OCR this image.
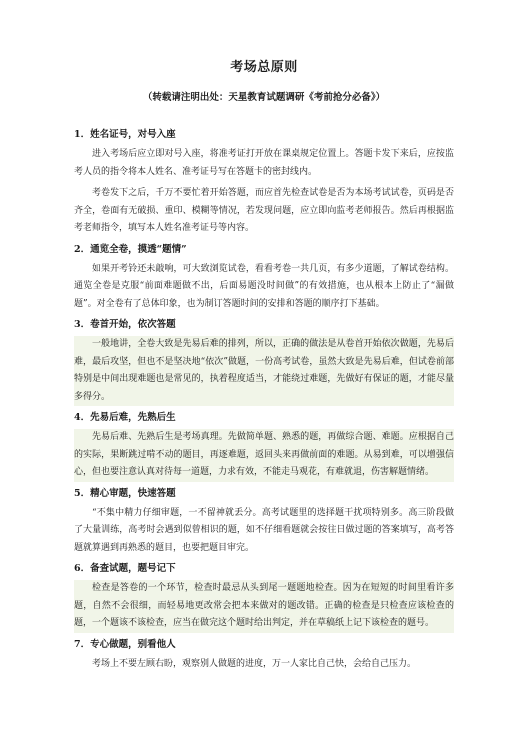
考场总原则
（转载请注明出处：天星教育试题调研《考前抢分必备》）
1．姓名证号，对号入座
进入考场后应立即对号入座，将准考证打开放在课桌规定位置上。答题卡发下来后，应按监考人员的指令将本人姓名、准考证号写在答题卡的密封线内。
考卷发下之后，千万不要忙着开始答题，而应首先检查试卷是否为本场考试试卷，页码是否齐全，卷面有无破损、重印、模糊等情况，若发现问题，应立即向监考老师报告。然后再根据监考老师指令，填写本人姓名准考证号等内容。
2．通览全卷，摸透“题情”
如果开考铃还未敲响，可大致浏览试卷，看看考卷一共几页，有多少道题，了解试卷结构。通览全卷是克服“前面难题做不出，后面易题没时间做”的有效措施，也从根本上防止了“漏做题”。对全卷有了总体印象，也为制订答题时间的安排和答题的顺序打下基础。
3．卷首开始，依次答题
一般地讲，全卷大致是先易后难的排列，所以，正确的做法是从卷首开始依次做题，先易后难，最后攻坚，但也不是坚决地“依次”做题，一份高考试卷，虽然大致是先易后难，但试卷前部特别是中间出现难题也是常见的，执着程度适当，才能绕过难题，先做好有保证的题，才能尽量多得分。
4．先易后难，先熟后生
先易后难、先熟后生是考场真理。先做简单题、熟悉的题，再做综合题、难题。应根据自己的实际，果断跳过啃不动的题目，再逐难题，返回头来再做前面的难题。从易到难，可以增强信心，但也要注意认真对待每一道题，力求有效，不能走马观花，有难就退，伤害解题情绪。
5．精心审题，快速答题
“不集中精力仔细审题，一不留神就丢分。高考试题里的选择题干扰项特别多。高三阶段做了大量训练，高考时会遇到似曾相识的题，如不仔细看题就会按往日做过题的答案填写，高考答题就算遇到再熟悉的题目，也要把题目审完。
6．备查试题，题号记下
检查是答卷的一个环节，检查时最忌从头到尾一题题地检查。因为在短短的时间里看许多题，自然不会很细，而轻易地更改常会把本来做对的题改错。正确的检查是只检查应该检查的题，一个题该不该检查，应当在做完这个题时给出判定，并在草稿纸上记下该检查的题号。
7．专心做题，别看他人
考场上不要左顾右盼，观察别人做题的进度，万一人家比自己快，会给自己压力。
